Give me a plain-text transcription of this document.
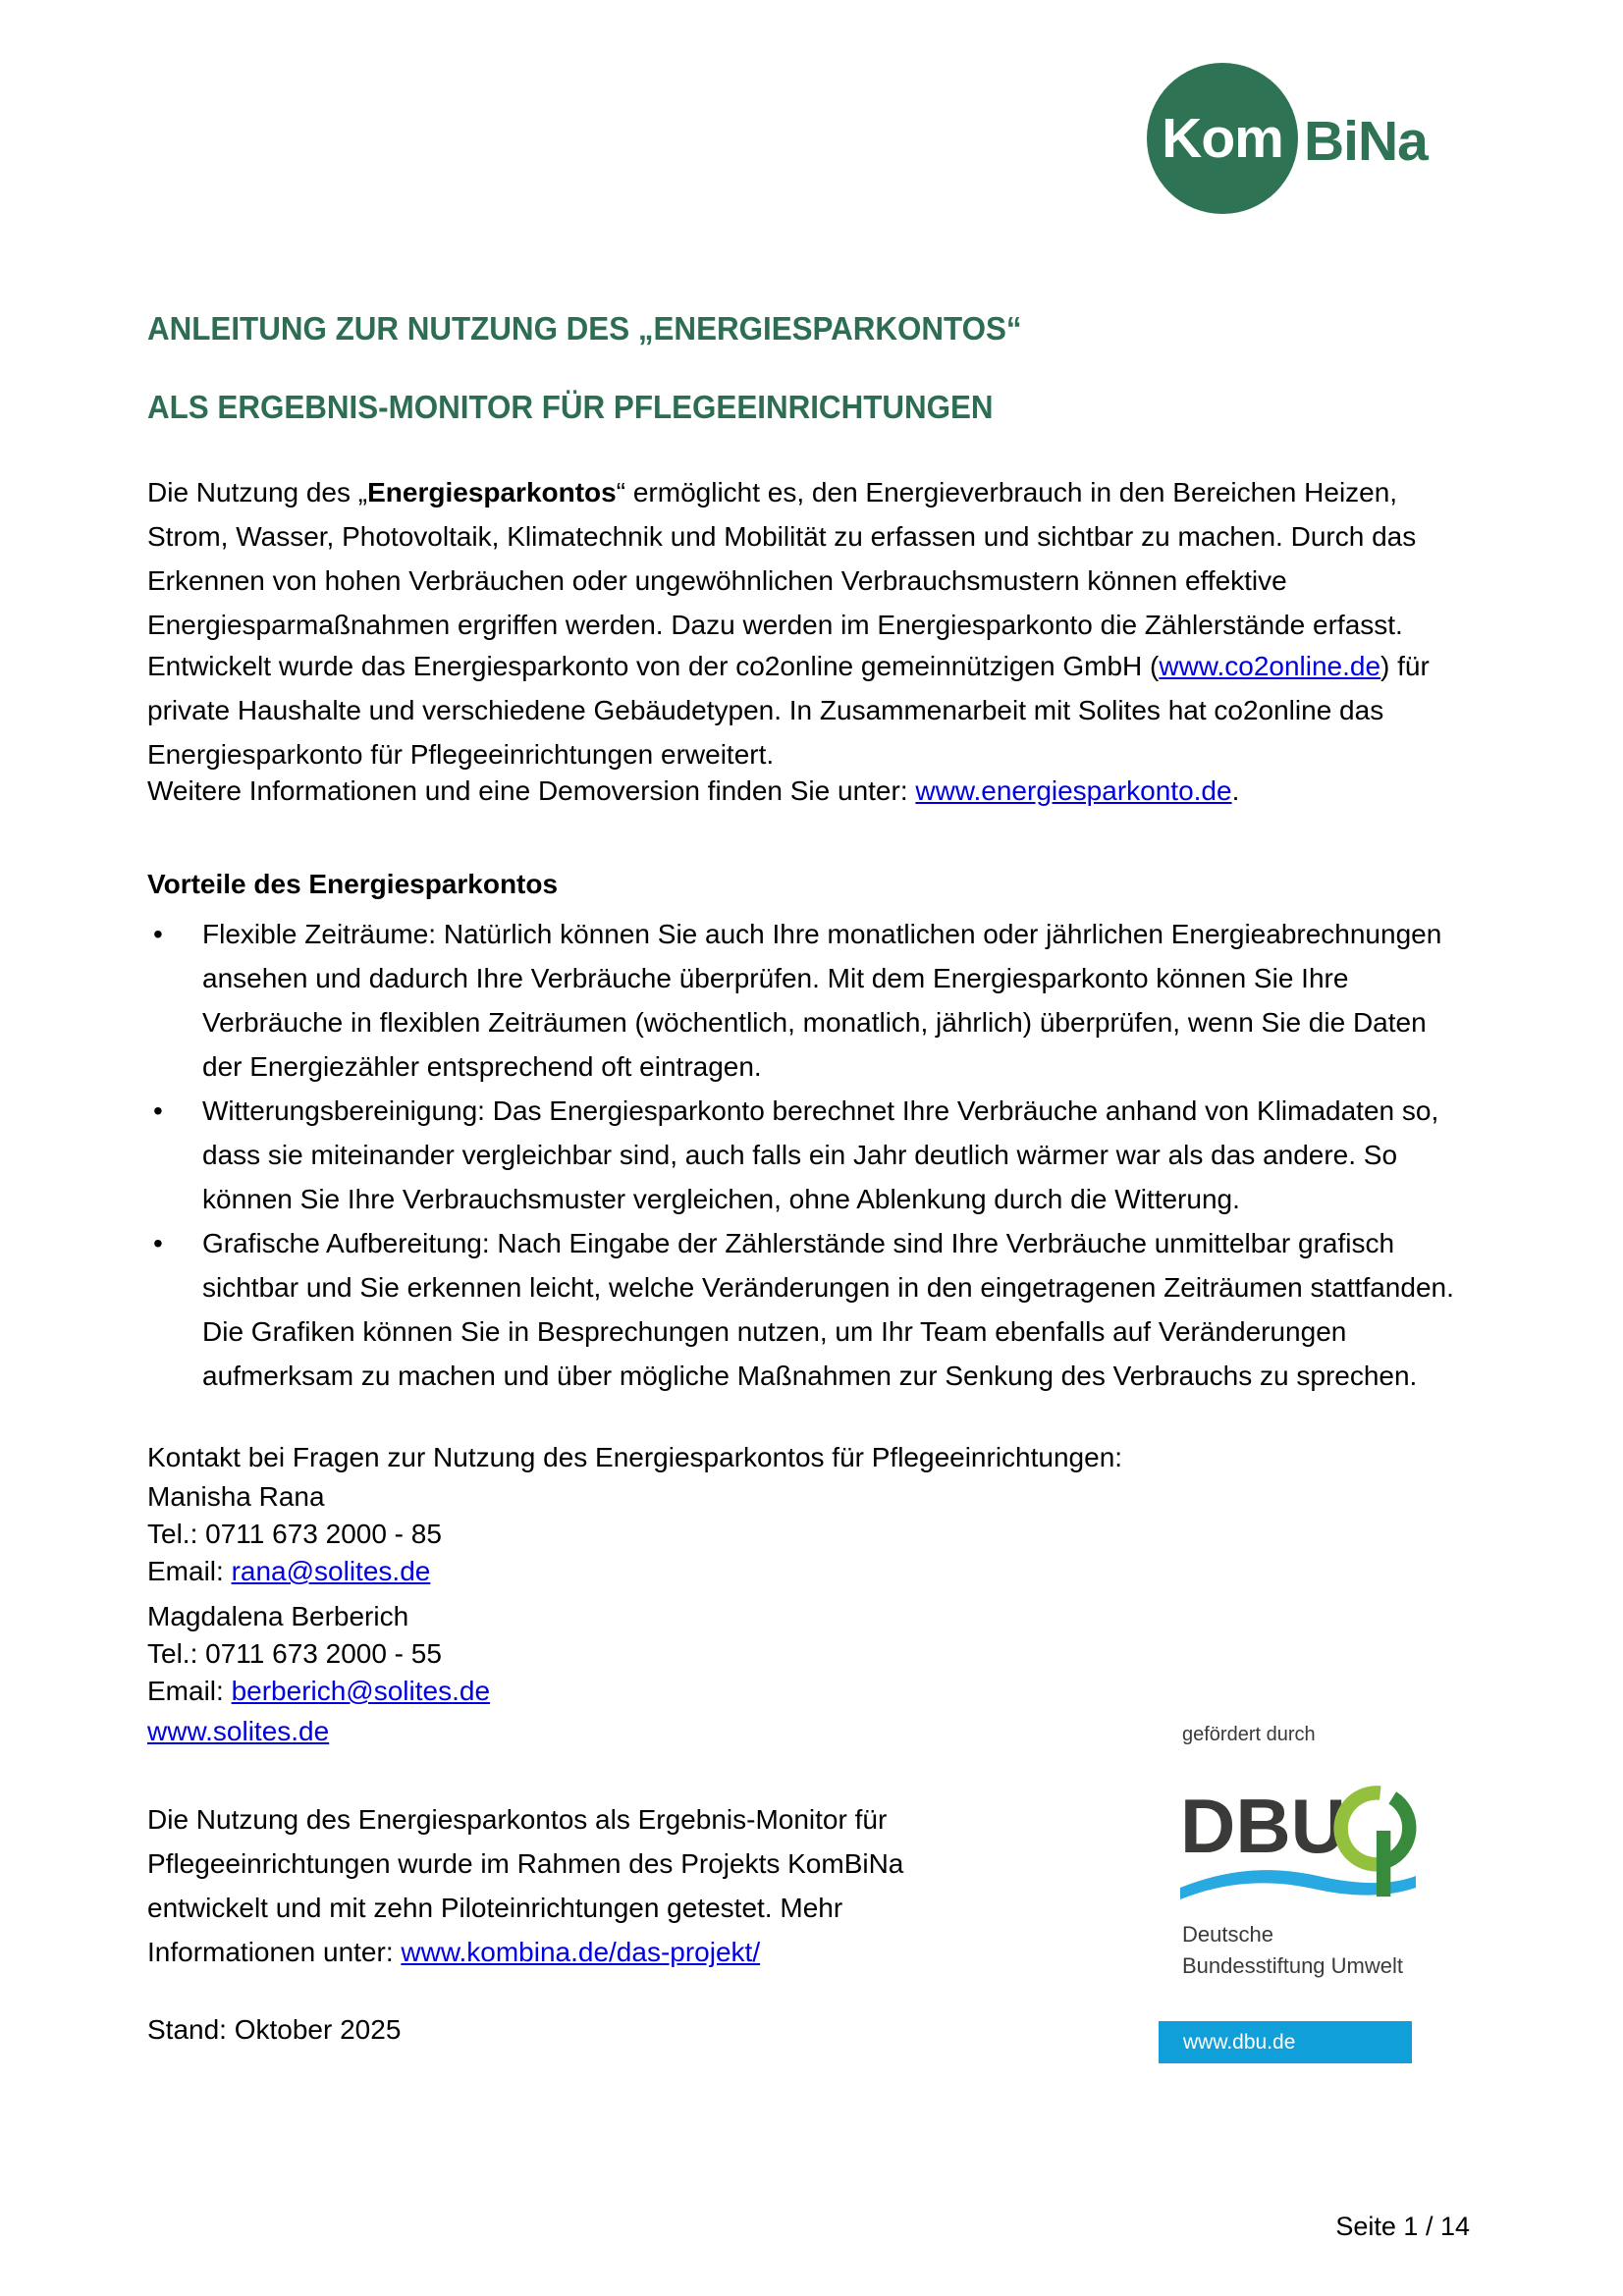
Kom BiNa
ANLEITUNG ZUR NUTZUNG DES „ENERGIESPARKONTOS“
ALS ERGEBNIS-MONITOR FÜR PFLEGEEINRICHTUNGEN

Die Nutzung des „Energiesparkontos“ ermöglicht es, den Energieverbrauch in den Bereichen Heizen, Strom, Wasser, Photovoltaik, Klimatechnik und Mobilität zu erfassen und sichtbar zu machen. Durch das Erkennen von hohen Verbräuchen oder ungewöhnlichen Verbrauchsmustern können effektive Energiesparmaßnahmen ergriffen werden. Dazu werden im Energiesparkonto die Zählerstände erfasst.

Entwickelt wurde das Energiesparkonto von der co2online gemeinnützigen GmbH (www.co2online.de) für private Haushalte und verschiedene Gebäudetypen. In Zusammenarbeit mit Solites hat co2online das Energiesparkonto für Pflegeeinrichtungen erweitert.

Weitere Informationen und eine Demoversion finden Sie unter: www.energiesparkonto.de.

Vorteile des Energiesparkontos
• Flexible Zeiträume: Natürlich können Sie auch Ihre monatlichen oder jährlichen Energieabrechnungen ansehen und dadurch Ihre Verbräuche überprüfen. Mit dem Energiesparkonto können Sie Ihre Verbräuche in flexiblen Zeiträumen (wöchentlich, monatlich, jährlich) überprüfen, wenn Sie die Daten der Energiezähler entsprechend oft eintragen.
• Witterungsbereinigung: Das Energiesparkonto berechnet Ihre Verbräuche anhand von Klimadaten so, dass sie miteinander vergleichbar sind, auch falls ein Jahr deutlich wärmer war als das andere. So können Sie Ihre Verbrauchsmuster vergleichen, ohne Ablenkung durch die Witterung.
• Grafische Aufbereitung: Nach Eingabe der Zählerstände sind Ihre Verbräuche unmittelbar grafisch sichtbar und Sie erkennen leicht, welche Veränderungen in den eingetragenen Zeiträumen stattfanden. Die Grafiken können Sie in Besprechungen nutzen, um Ihr Team ebenfalls auf Veränderungen aufmerksam zu machen und über mögliche Maßnahmen zur Senkung des Verbrauchs zu sprechen.

Kontakt bei Fragen zur Nutzung des Energiesparkontos für Pflegeeinrichtungen:

Manisha Rana
Tel.: 0711 673 2000 - 85
Email: rana@solites.de
Magdalena Berberich
Tel.: 0711 673 2000 - 55
Email: berberich@solites.de

www.solites.de

Die Nutzung des Energiesparkontos als Ergebnis-Monitor für Pflegeeinrichtungen wurde im Rahmen des Projekts KomBiNa entwickelt und mit zehn Piloteinrichtungen getestet. Mehr Informationen unter: www.kombina.de/das-projekt/

Stand: Oktober 2025

gefördert durch

DBU

Deutsche
Bundesstiftung Umwelt

www.dbu.de

Seite 1 / 14
